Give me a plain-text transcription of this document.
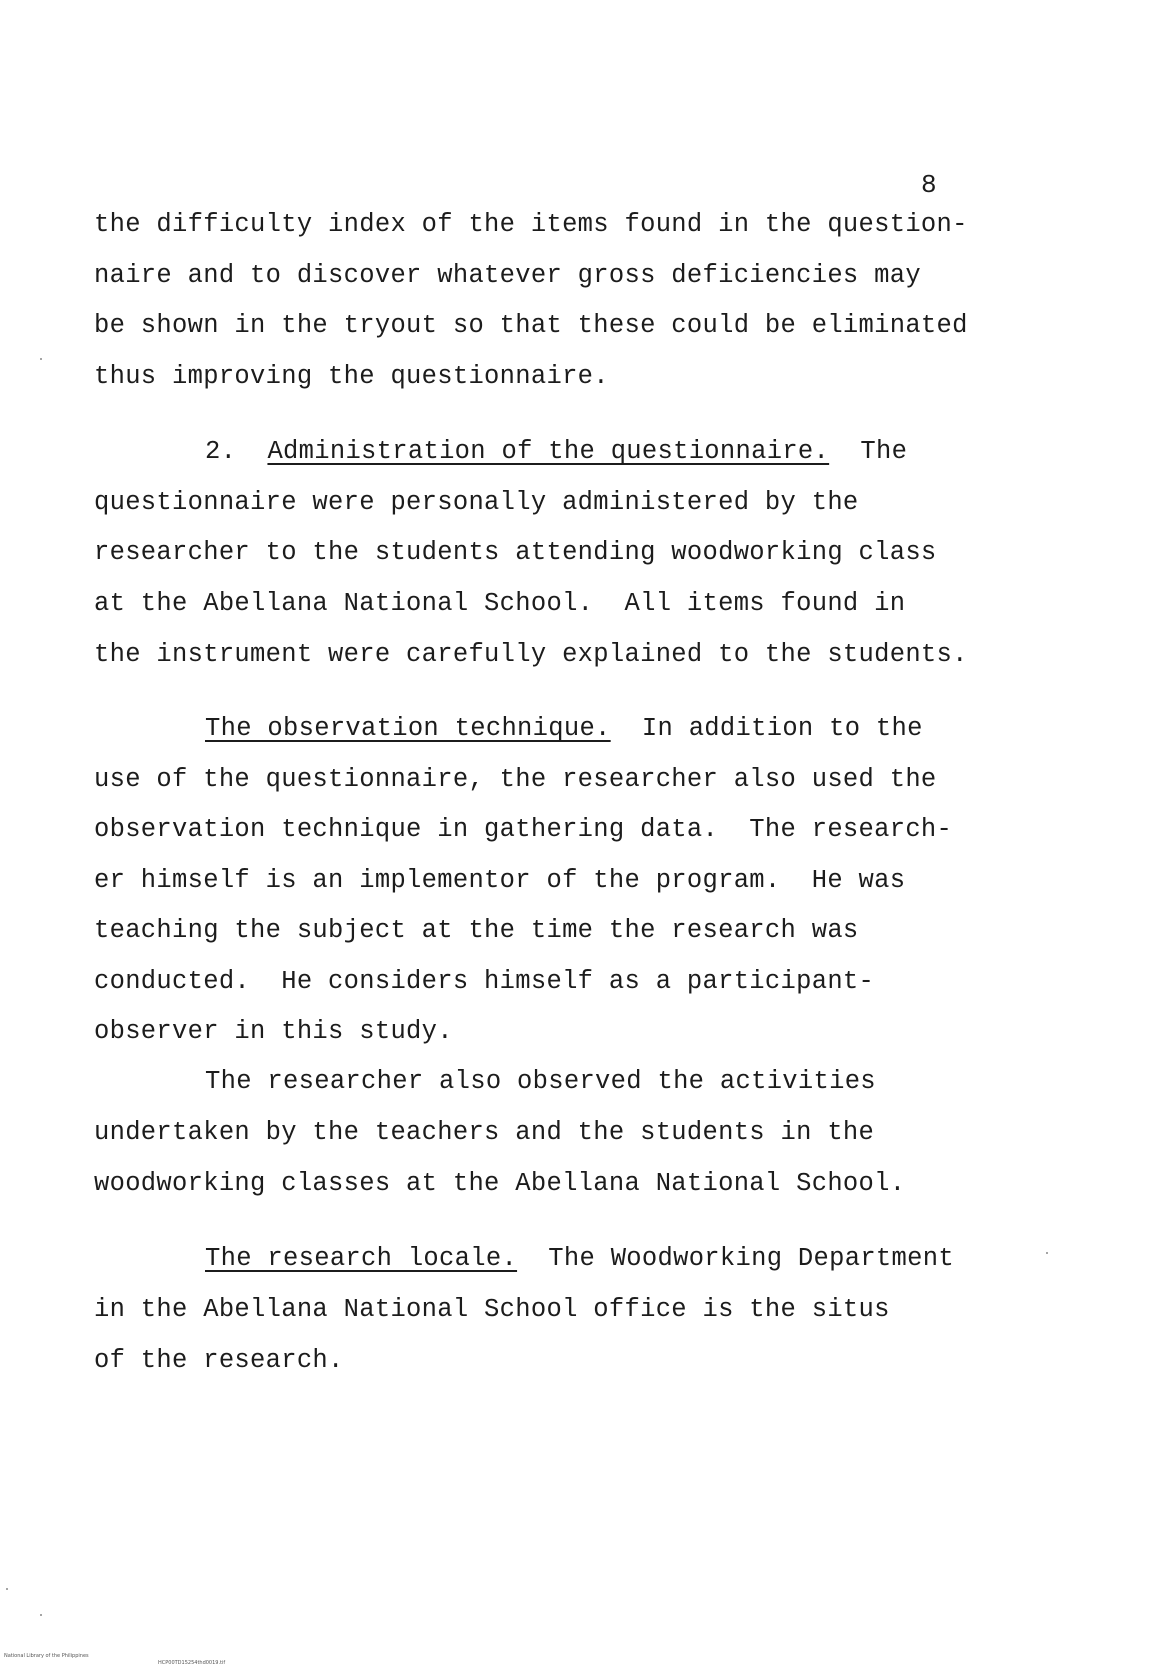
8
the difficulty index of the items found in the question-
naire and to discover whatever gross deficiencies may
be shown in the tryout so that these could be eliminated
thus improving the questionnaire.
2. Administration of the questionnaire. The
questionnaire were personally administered by the
researcher to the students attending woodworking class
at the Abellana National School.  All items found in
the instrument were carefully explained to the students.
The observation technique. In addition to the
use of the questionnaire, the researcher also used the
observation technique in gathering data.  The research-
er himself is an implementor of the program.  He was
teaching the subject at the time the research was
conducted.  He considers himself as a participant-
observer in this study.
The researcher also observed the activities
undertaken by the teachers and the students in the
woodworking classes at the Abellana National School.
The research locale. The Woodworking Department
in the Abellana National School office is the situs
of the research.

National Library of the Philippines

HCP00TD15254thd0019.tif
